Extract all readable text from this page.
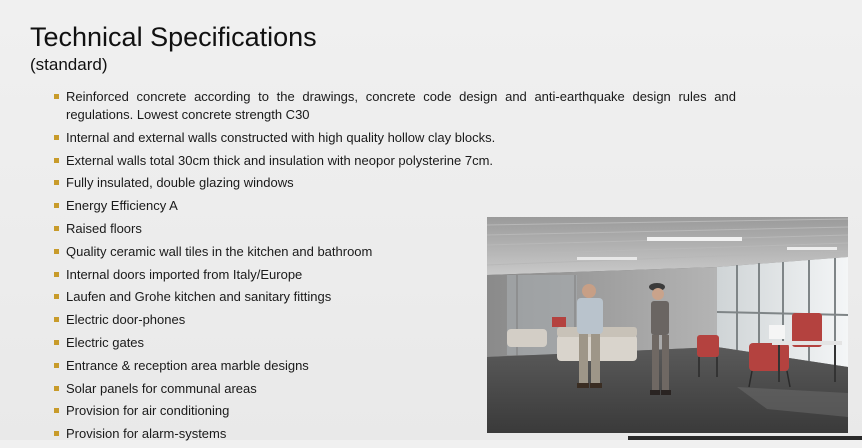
Technical Specifications
(standard)
Reinforced concrete according to the drawings, concrete code design and anti-earthquake design rules and regulations. Lowest concrete strength C30
Internal and external walls constructed with high quality hollow clay blocks.
External walls total 30cm thick and insulation with neopor polysterine 7cm.
Fully insulated, double glazing windows
Energy Efficiency A
Raised floors
Quality ceramic wall tiles in the kitchen and bathroom
Internal doors imported from Italy/Europe
Laufen and Grohe kitchen and sanitary fittings
Electric door-phones
Electric gates
Entrance & reception area marble designs
Solar panels for communal areas
Provision for air conditioning
Provision for alarm-systems
